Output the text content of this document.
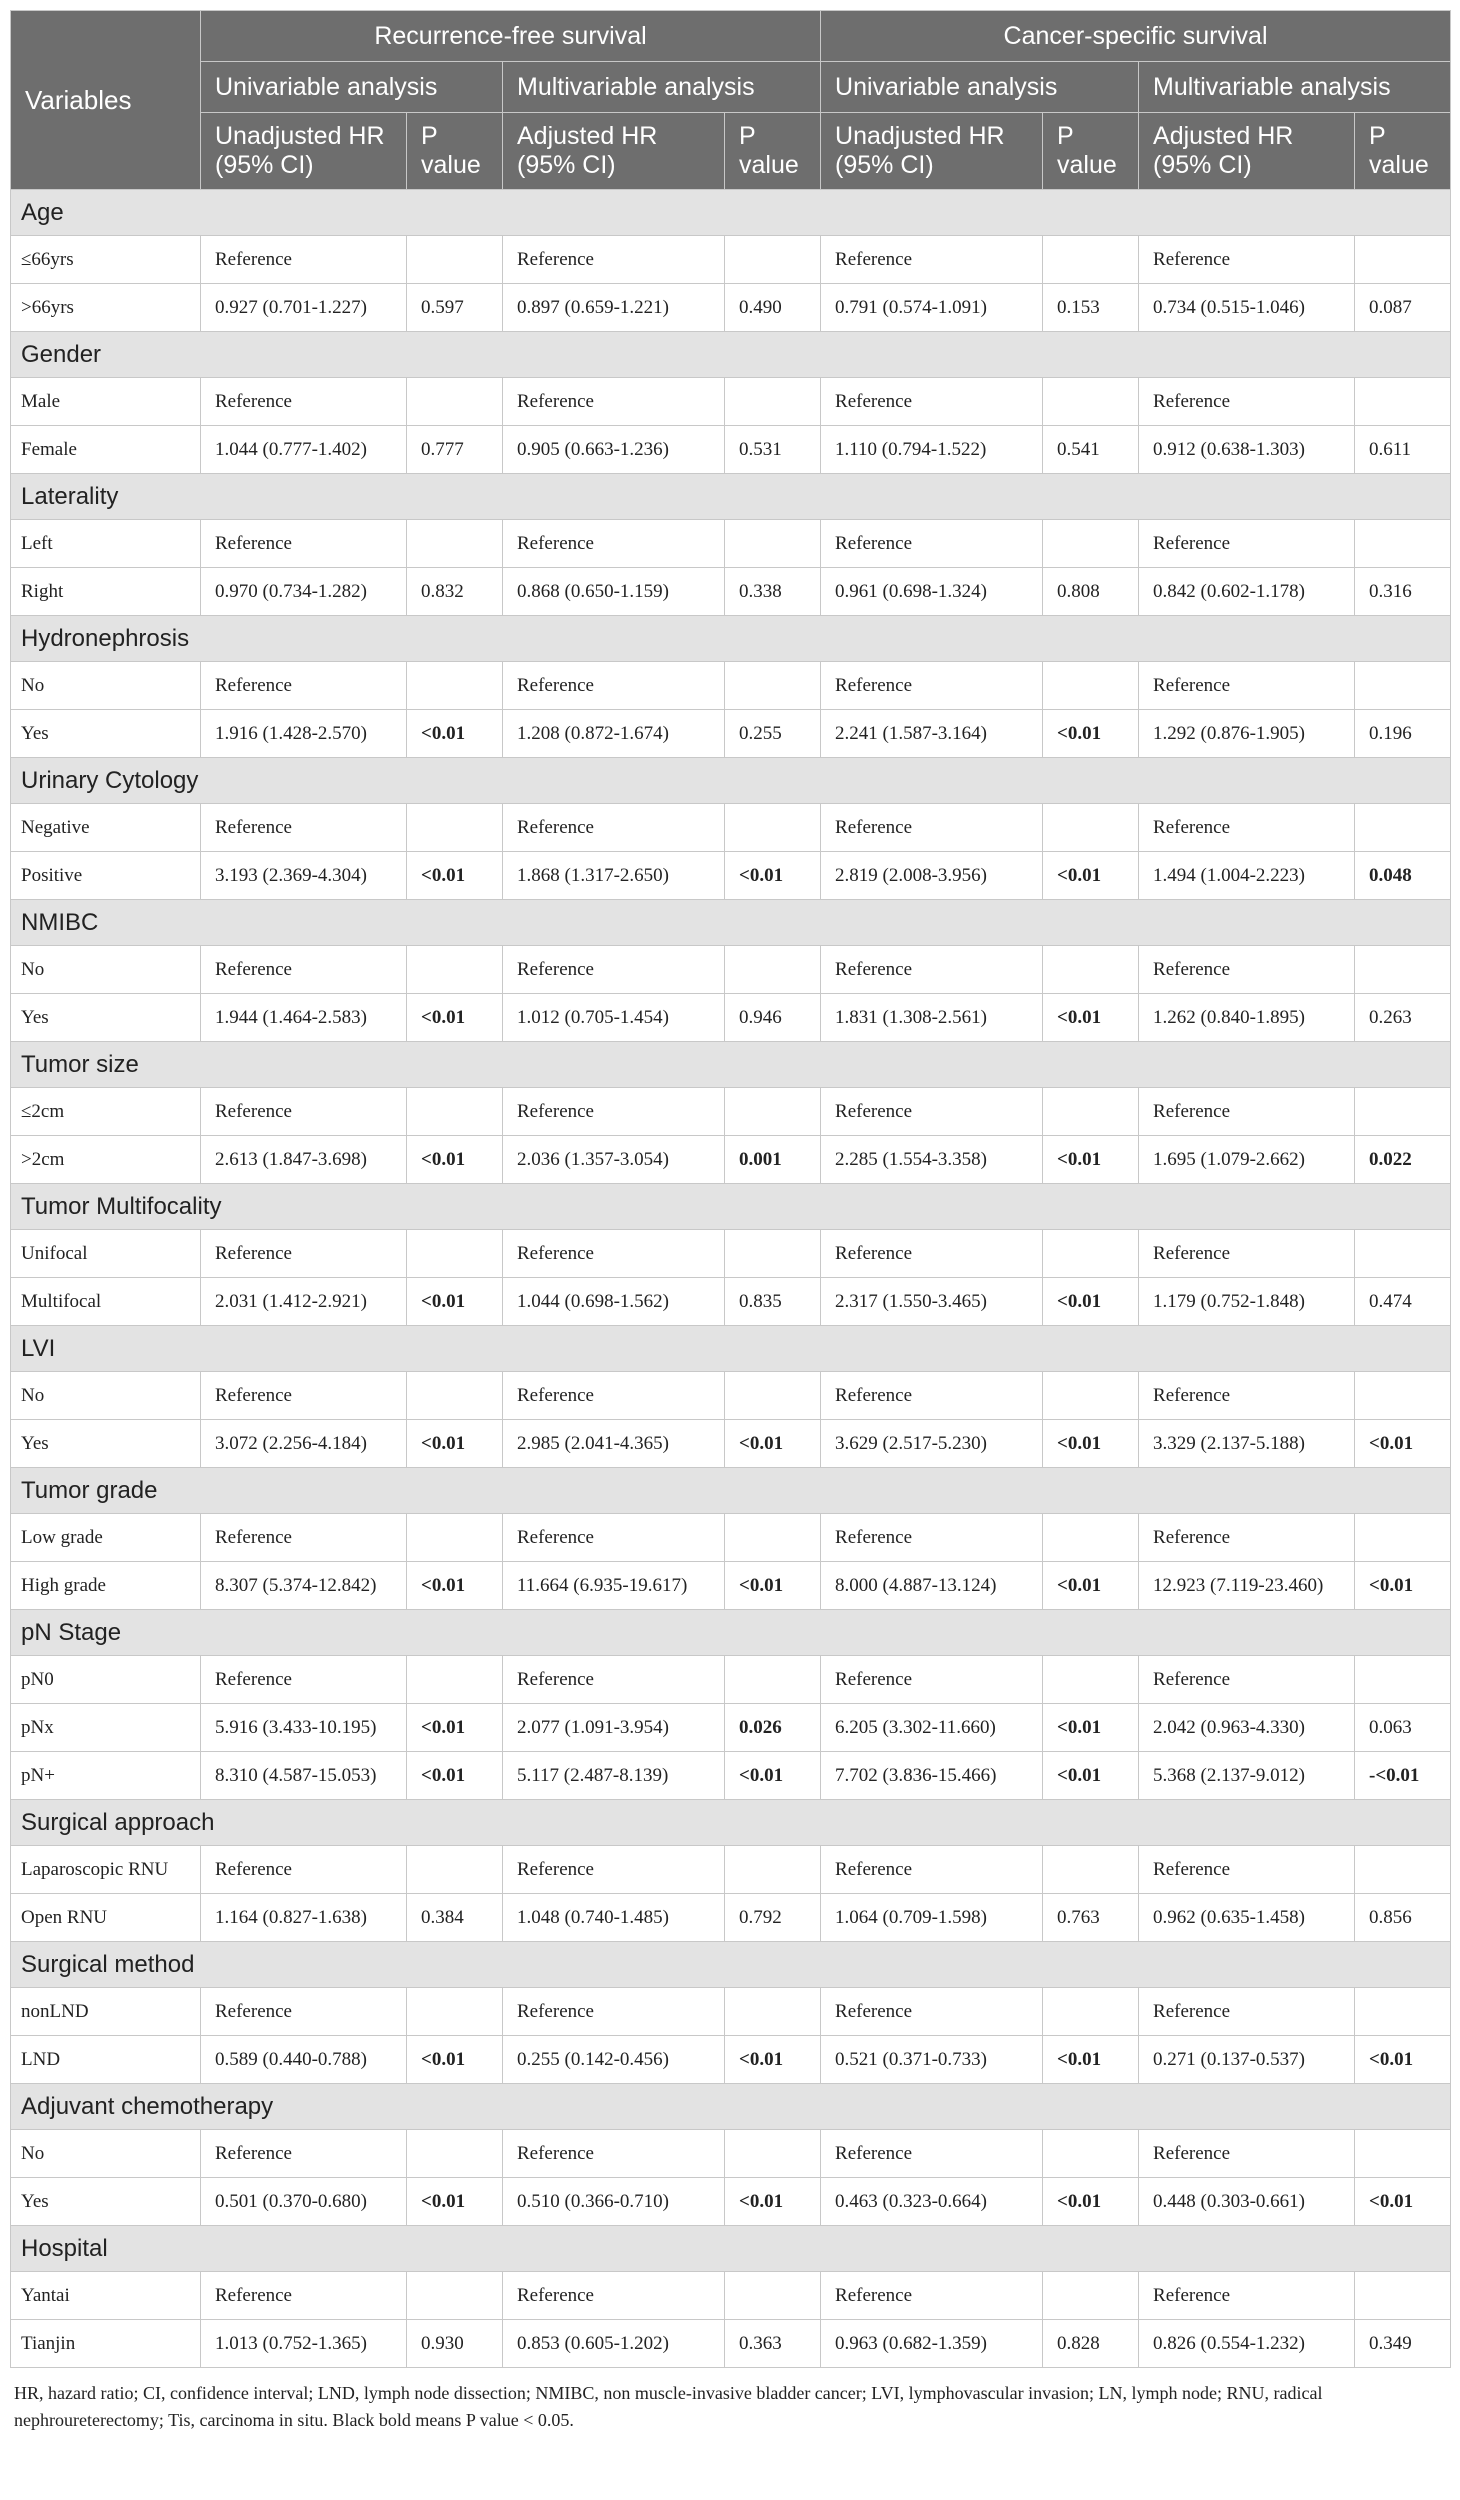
Variables	Recurrence-free survival				Cancer-specific survival			
	Univariable analysis		Multivariable analysis		Univariable analysis		Multivariable analysis	
	Unadjusted HR (95% CI)	P value	Adjusted HR (95% CI)	P value	Unadjusted HR (95% CI)	P value	Adjusted HR (95% CI)	P value
Age								
≤66yrs	Reference		Reference		Reference		Reference	
>66yrs	0.927 (0.701-1.227)	0.597	0.897 (0.659-1.221)	0.490	0.791 (0.574-1.091)	0.153	0.734 (0.515-1.046)	0.087
Gender								
Male	Reference		Reference		Reference		Reference	
Female	1.044 (0.777-1.402)	0.777	0.905 (0.663-1.236)	0.531	1.110 (0.794-1.522)	0.541	0.912 (0.638-1.303)	0.611
Laterality								
Left	Reference		Reference		Reference		Reference	
Right	0.970 (0.734-1.282)	0.832	0.868 (0.650-1.159)	0.338	0.961 (0.698-1.324)	0.808	0.842 (0.602-1.178)	0.316
Hydronephrosis								
No	Reference		Reference		Reference		Reference	
Yes	1.916 (1.428-2.570)	<0.01	1.208 (0.872-1.674)	0.255	2.241 (1.587-3.164)	<0.01	1.292 (0.876-1.905)	0.196
Urinary Cytology								
Negative	Reference		Reference		Reference		Reference	
Positive	3.193 (2.369-4.304)	<0.01	1.868 (1.317-2.650)	<0.01	2.819 (2.008-3.956)	<0.01	1.494 (1.004-2.223)	0.048
NMIBC								
No	Reference		Reference		Reference		Reference	
Yes	1.944 (1.464-2.583)	<0.01	1.012 (0.705-1.454)	0.946	1.831 (1.308-2.561)	<0.01	1.262 (0.840-1.895)	0.263
Tumor size								
≤2cm	Reference		Reference		Reference		Reference	
>2cm	2.613 (1.847-3.698)	<0.01	2.036 (1.357-3.054)	0.001	2.285 (1.554-3.358)	<0.01	1.695 (1.079-2.662)	0.022
Tumor Multifocality								
Unifocal	Reference		Reference		Reference		Reference	
Multifocal	2.031 (1.412-2.921)	<0.01	1.044 (0.698-1.562)	0.835	2.317 (1.550-3.465)	<0.01	1.179 (0.752-1.848)	0.474
LVI								
No	Reference		Reference		Reference		Reference	
Yes	3.072 (2.256-4.184)	<0.01	2.985 (2.041-4.365)	<0.01	3.629 (2.517-5.230)	<0.01	3.329 (2.137-5.188)	<0.01
Tumor grade								
Low grade	Reference		Reference		Reference		Reference	
High grade	8.307 (5.374-12.842)	<0.01	11.664 (6.935-19.617)	<0.01	8.000 (4.887-13.124)	<0.01	12.923 (7.119-23.460)	<0.01
pN Stage								
pN0	Reference		Reference		Reference		Reference	
pNx	5.916 (3.433-10.195)	<0.01	2.077 (1.091-3.954)	0.026	6.205 (3.302-11.660)	<0.01	2.042 (0.963-4.330)	0.063
pN+	8.310 (4.587-15.053)	<0.01	5.117 (2.487-8.139)	<0.01	7.702 (3.836-15.466)	<0.01	5.368 (2.137-9.012)	-<0.01
Surgical approach								
Laparoscopic RNU	Reference		Reference		Reference		Reference	
Open RNU	1.164 (0.827-1.638)	0.384	1.048 (0.740-1.485)	0.792	1.064 (0.709-1.598)	0.763	0.962 (0.635-1.458)	0.856
Surgical method								
nonLND	Reference		Reference		Reference		Reference	
LND	0.589 (0.440-0.788)	<0.01	0.255 (0.142-0.456)	<0.01	0.521 (0.371-0.733)	<0.01	0.271 (0.137-0.537)	<0.01
Adjuvant chemotherapy								
No	Reference		Reference		Reference		Reference	
Yes	0.501 (0.370-0.680)	<0.01	0.510 (0.366-0.710)	<0.01	0.463 (0.323-0.664)	<0.01	0.448 (0.303-0.661)	<0.01
Hospital								
Yantai	Reference		Reference		Reference		Reference	
Tianjin	1.013 (0.752-1.365)	0.930	0.853 (0.605-1.202)	0.363	0.963 (0.682-1.359)	0.828	0.826 (0.554-1.232)	0.349
HR, hazard ratio; CI, confidence interval; LND, lymph node dissection; NMIBC, non muscle-invasive bladder cancer; LVI, lymphovascular invasion; LN, lymph node; RNU, radical nephroureterectomy; Tis, carcinoma in situ. Black bold means P value < 0.05.
